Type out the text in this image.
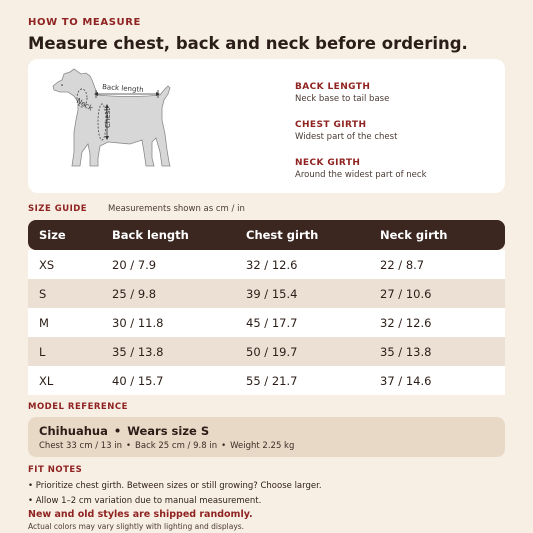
HOW TO MEASURE
Measure chest, back and neck before ordering.
Back length
Neck
Chest
BACK LENGTH
Neck base to tail base
CHEST GIRTH
Widest part of the chest
NECK GIRTH
Around the widest part of neck
SIZE GUIDE Measurements shown as cm / in
Size	Back length	Chest girth	Neck girth
XS	20 / 7.9	32 / 12.6	22 / 8.7
S	25 / 9.8	39 / 15.4	27 / 10.6
M	30 / 11.8	45 / 17.7	32 / 12.6
L	35 / 13.8	50 / 19.7	35 / 13.8
XL	40 / 15.7	55 / 21.7	37 / 14.6
MODEL REFERENCE
Chihuahua • Wears size S
Chest 33 cm / 13 in • Back 25 cm / 9.8 in • Weight 2.25 kg
FIT NOTES
• Prioritize chest girth. Between sizes or still growing? Choose larger.
• Allow 1–2 cm variation due to manual measurement.
New and old styles are shipped randomly.
Actual colors may vary slightly with lighting and displays.
